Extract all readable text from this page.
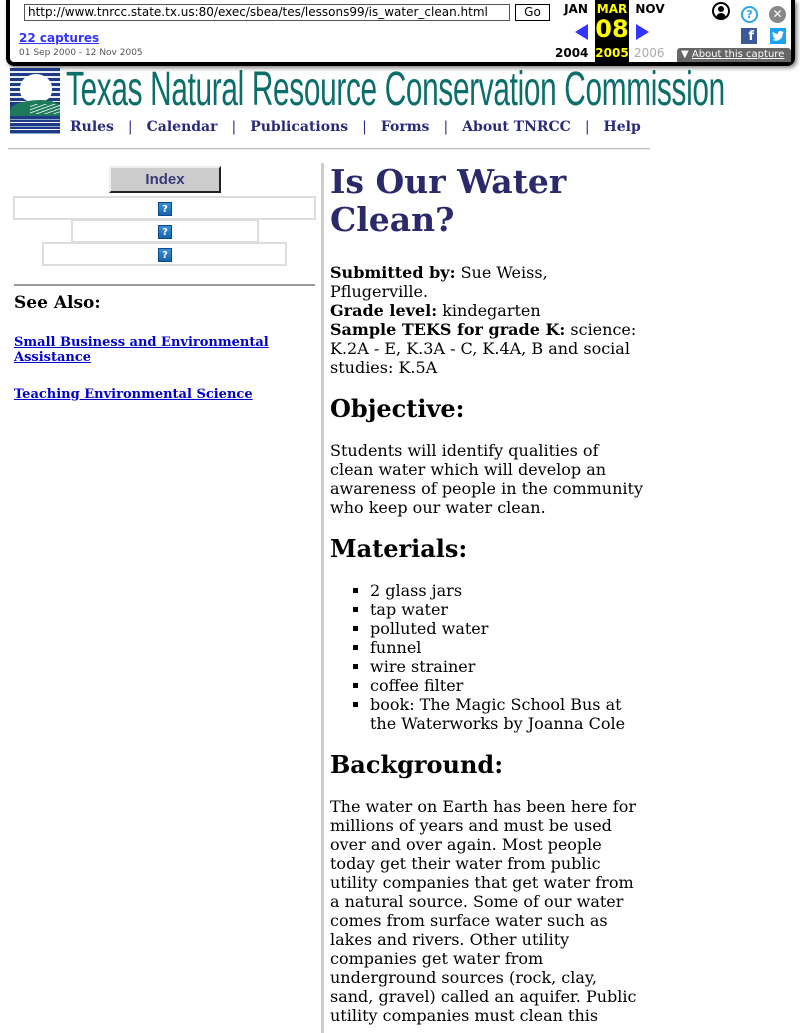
http://www.tnrcc.state.tx.us:80/exec/sbea/tes/lessons99/is_water_clean.html	Go
22 captures
01 Sep 2000 - 12 Nov 2005
JAN MAR
08
2005
NOV
2004	2006
?	✕
f
▼ About this capture
Texas Natural Resource Conservation Commission
Rules | Calendar | Publications | Forms | About TNRCC | Help
Index
?
?
?
See Also:
Small Business and Environmental Assistance
Teaching Environmental Science
Is Our Water Clean?

Submitted by: Sue Weiss, Pflugerville.
Grade level: kindegarten
Sample TEKS for grade K: science: K.2A - E, K.3A - C, K.4A, B and social studies: K.5A

Objective:

Students will identify qualities of clean water which will develop an awareness of people in the community who keep our water clean.

Materials:
▪ 2 glass jars
▪ tap water
▪ polluted water
▪ funnel
▪ wire strainer
▪ coffee filter
▪ book: The Magic School Bus at the Waterworks by Joanna Cole
Background:

The water on Earth has been here for millions of years and must be used over and over again. Most people today get their water from public utility companies that get water from a natural source. Some of our water comes from surface water such as lakes and rivers. Other utility companies get water from underground sources (rock, clay, sand, gravel) called an aquifer. Public utility companies must clean this
